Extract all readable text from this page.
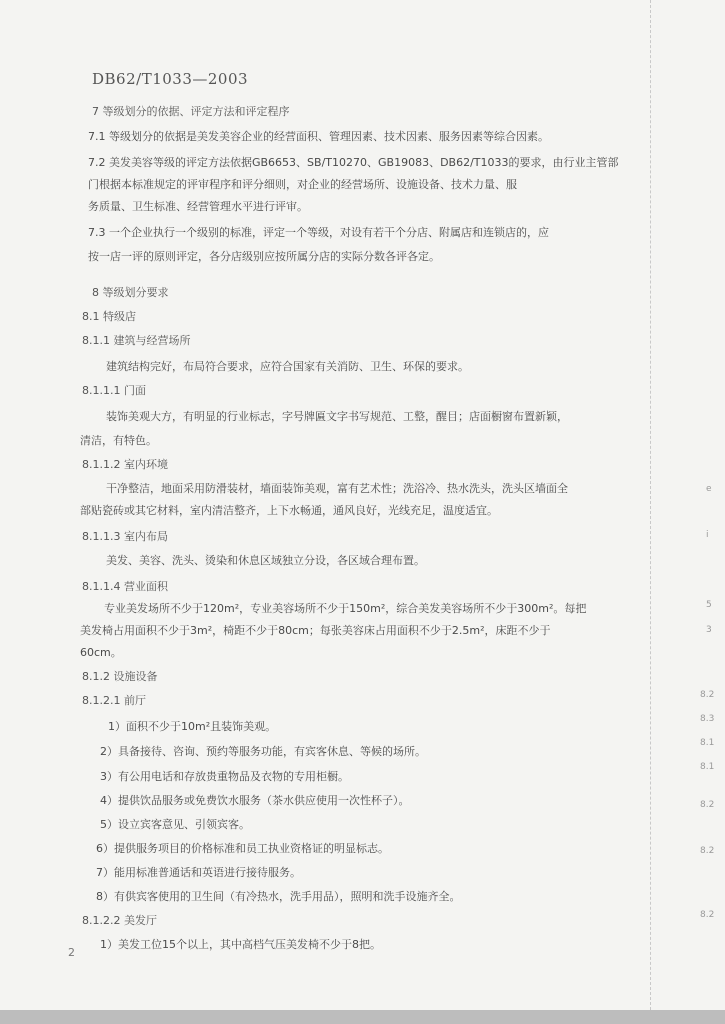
DB62/T1033—2003
7 等级划分的依据、评定方法和评定程序
7.1 等级划分的依据是美发美容企业的经营面积、管理因素、技术因素、服务因素等综合因素。
7.2 美发美容等级的评定方法依据GB6653、SB/T10270、GB19083、DB62/T1033的要求，由行业主管部
门根据本标准规定的评审程序和评分细则，对企业的经营场所、设施设备、技术力量、服
务质量、卫生标准、经营管理水平进行评审。
7.3 一个企业执行一个级别的标准，评定一个等级，对设有若干个分店、附属店和连锁店的，应
按一店一评的原则评定，各分店级别应按所属分店的实际分数各评各定。
8 等级划分要求
8.1 特级店
8.1.1 建筑与经营场所
建筑结构完好，布局符合要求，应符合国家有关消防、卫生、环保的要求。
8.1.1.1 门面
装饰美观大方，有明显的行业标志，字号牌匾文字书写规范、工整，醒目；店面橱窗布置新颖，
清洁，有特色。
8.1.1.2 室内环境
干净整洁，地面采用防滑装材，墙面装饰美观，富有艺术性；洗浴冷、热水洗头，洗头区墙面全
部贴瓷砖或其它材料，室内清洁整齐，上下水畅通，通风良好，光线充足，温度适宜。
8.1.1.3 室内布局
美发、美容、洗头、烫染和休息区域独立分设，各区域合理布置。
8.1.1.4 营业面积
专业美发场所不少于120m²，专业美容场所不少于150m²，综合美发美容场所不少于300m²。每把
美发椅占用面积不少于3m²，椅距不少于80cm；每张美容床占用面积不少于2.5m²，床距不少于
60cm。
8.1.2 设施设备
8.1.2.1 前厅
1）面积不少于10m²且装饰美观。
2）具备接待、咨询、预约等服务功能，有宾客休息、等候的场所。
3）有公用电话和存放贵重物品及衣物的专用柜橱。
4）提供饮品服务或免费饮水服务（茶水供应使用一次性杯子）。
5）设立宾客意见、引领宾客。
6）提供服务项目的价格标准和员工执业资格证的明显标志。
7）能用标准普通话和英语进行接待服务。
8）有供宾客使用的卫生间（有冷热水，洗手用品），照明和洗手设施齐全。
8.1.2.2 美发厅
1）美发工位15个以上，其中高档气压美发椅不少于8把。
2
e
i
5
3
8.2
8.3
8.1
8.1
8.2
8.2
8.2
